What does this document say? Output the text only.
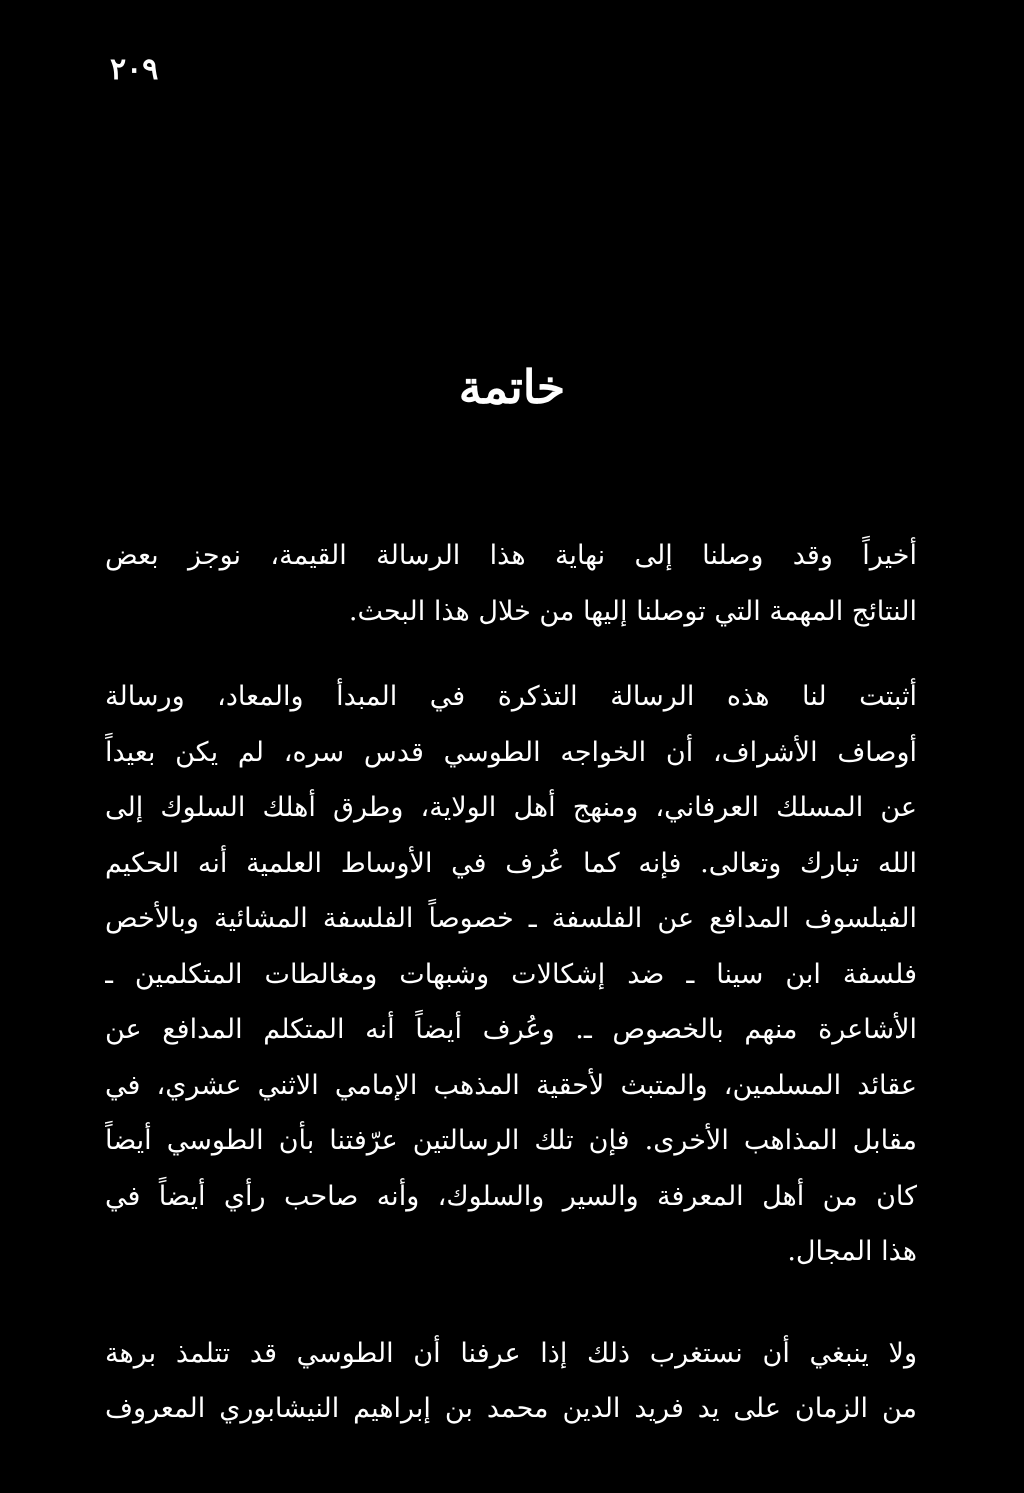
٢٠٩
خاتمة

أخيراً وقد وصلنا إلى نهاية هذا الرسالة القيمة، نوجز بعض
النتائج المهمة التي توصلنا إليها من خلال هذا البحث.

أثبتت لنا هذه الرسالة التذكرة في المبدأ والمعاد، ورسالة
أوصاف الأشراف، أن الخواجه الطوسي قدس سره، لم يكن بعيداً
عن المسلك العرفاني، ومنهج أهل الولاية، وطرق أهلك السلوك إلى
الله تبارك وتعالى. فإنه كما عُرف في الأوساط العلمية أنه الحكيم
الفيلسوف المدافع عن الفلسفة ـ خصوصاً الفلسفة المشائية وبالأخص
فلسفة ابن سينا ـ ضد إشكالات وشبهات ومغالطات المتكلمين ـ
الأشاعرة منهم بالخصوص ـ. وعُرف أيضاً أنه المتكلم المدافع عن
عقائد المسلمين، والمتبث لأحقية المذهب الإمامي الاثني عشري، في
مقابل المذاهب الأخرى. فإن تلك الرسالتين عرّفتنا بأن الطوسي أيضاً
كان من أهل المعرفة والسير والسلوك، وأنه صاحب رأي أيضاً في
هذا المجال.

ولا ينبغي أن نستغرب ذلك إذا عرفنا أن الطوسي قد تتلمذ برهة
من الزمان على يد فريد الدين محمد بن إبراهيم النيشابوري المعروف
